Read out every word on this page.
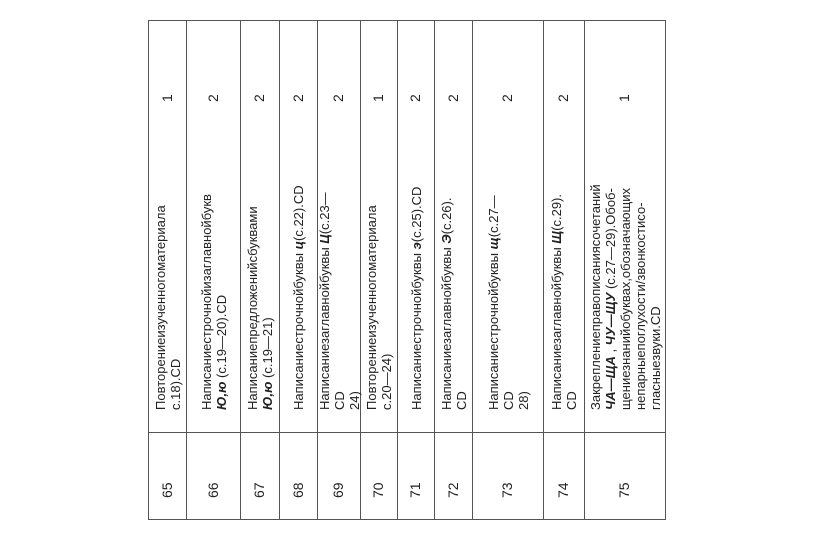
65
1
Повторениеизученногоматериала с.18).CD
66
2
Написаниестрочнойизаглавнойбукв Ю,ю (с.19—20).CD
67
2
Написаниепредложенийсбуквами Ю,ю (с.19—21)
68
2
Написаниестрочнойбуквы ц(с.22).CD
69
2
Написаниезаглавнойбуквы Ц(с.23—
CD 24)
70
1
Повторениеизученногоматериала с.20—24)
71
2
Написаниестрочнойбуквы э(с.25).CD
72
2
Написаниезаглавнойбуквы Э(с.26).
CD
73
2
Написаниестрочнойбуквы щ(с.27—
CD 28)
74
2
Написаниезаглавнойбуквы Щ(с.29).
CD
75
1
Закреплениеправописаниясочетаний ЧА—ЩА , ЧУ—ЩУ (с.27—29).Обоб- щениезнанийобуквах,обозначающих непарныепоглухости/звонкостисо- гласныезвуки.CD
